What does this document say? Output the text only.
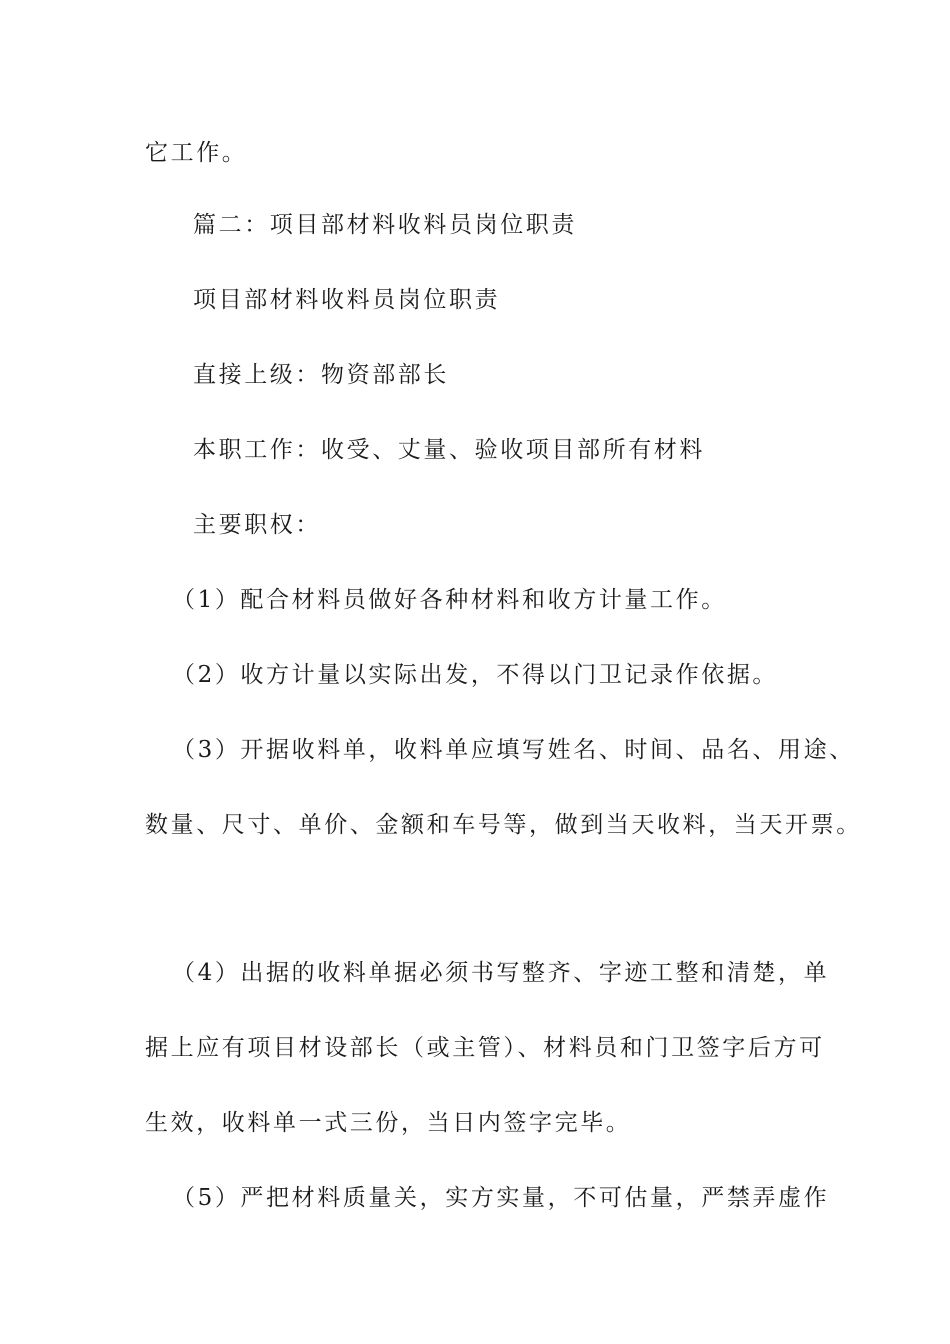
它工作。
篇二：项目部材料收料员岗位职责
项目部材料收料员岗位职责
直接上级：物资部部长
本职工作：收受、丈量、验收项目部所有材料
主要职权：
（1）配合材料员做好各种材料和收方计量工作。
（2）收方计量以实际出发，不得以门卫记录作依据。
（3）开据收料单，收料单应填写姓名、时间、品名、用途、
数量、尺寸、单价、金额和车号等，做到当天收料，当天开票。
（4）出据的收料单据必须书写整齐、字迹工整和清楚，单
据上应有项目材设部长（或主管）、材料员和门卫签字后方可
生效，收料单一式三份，当日内签字完毕。
（5）严把材料质量关，实方实量，不可估量，严禁弄虚作
